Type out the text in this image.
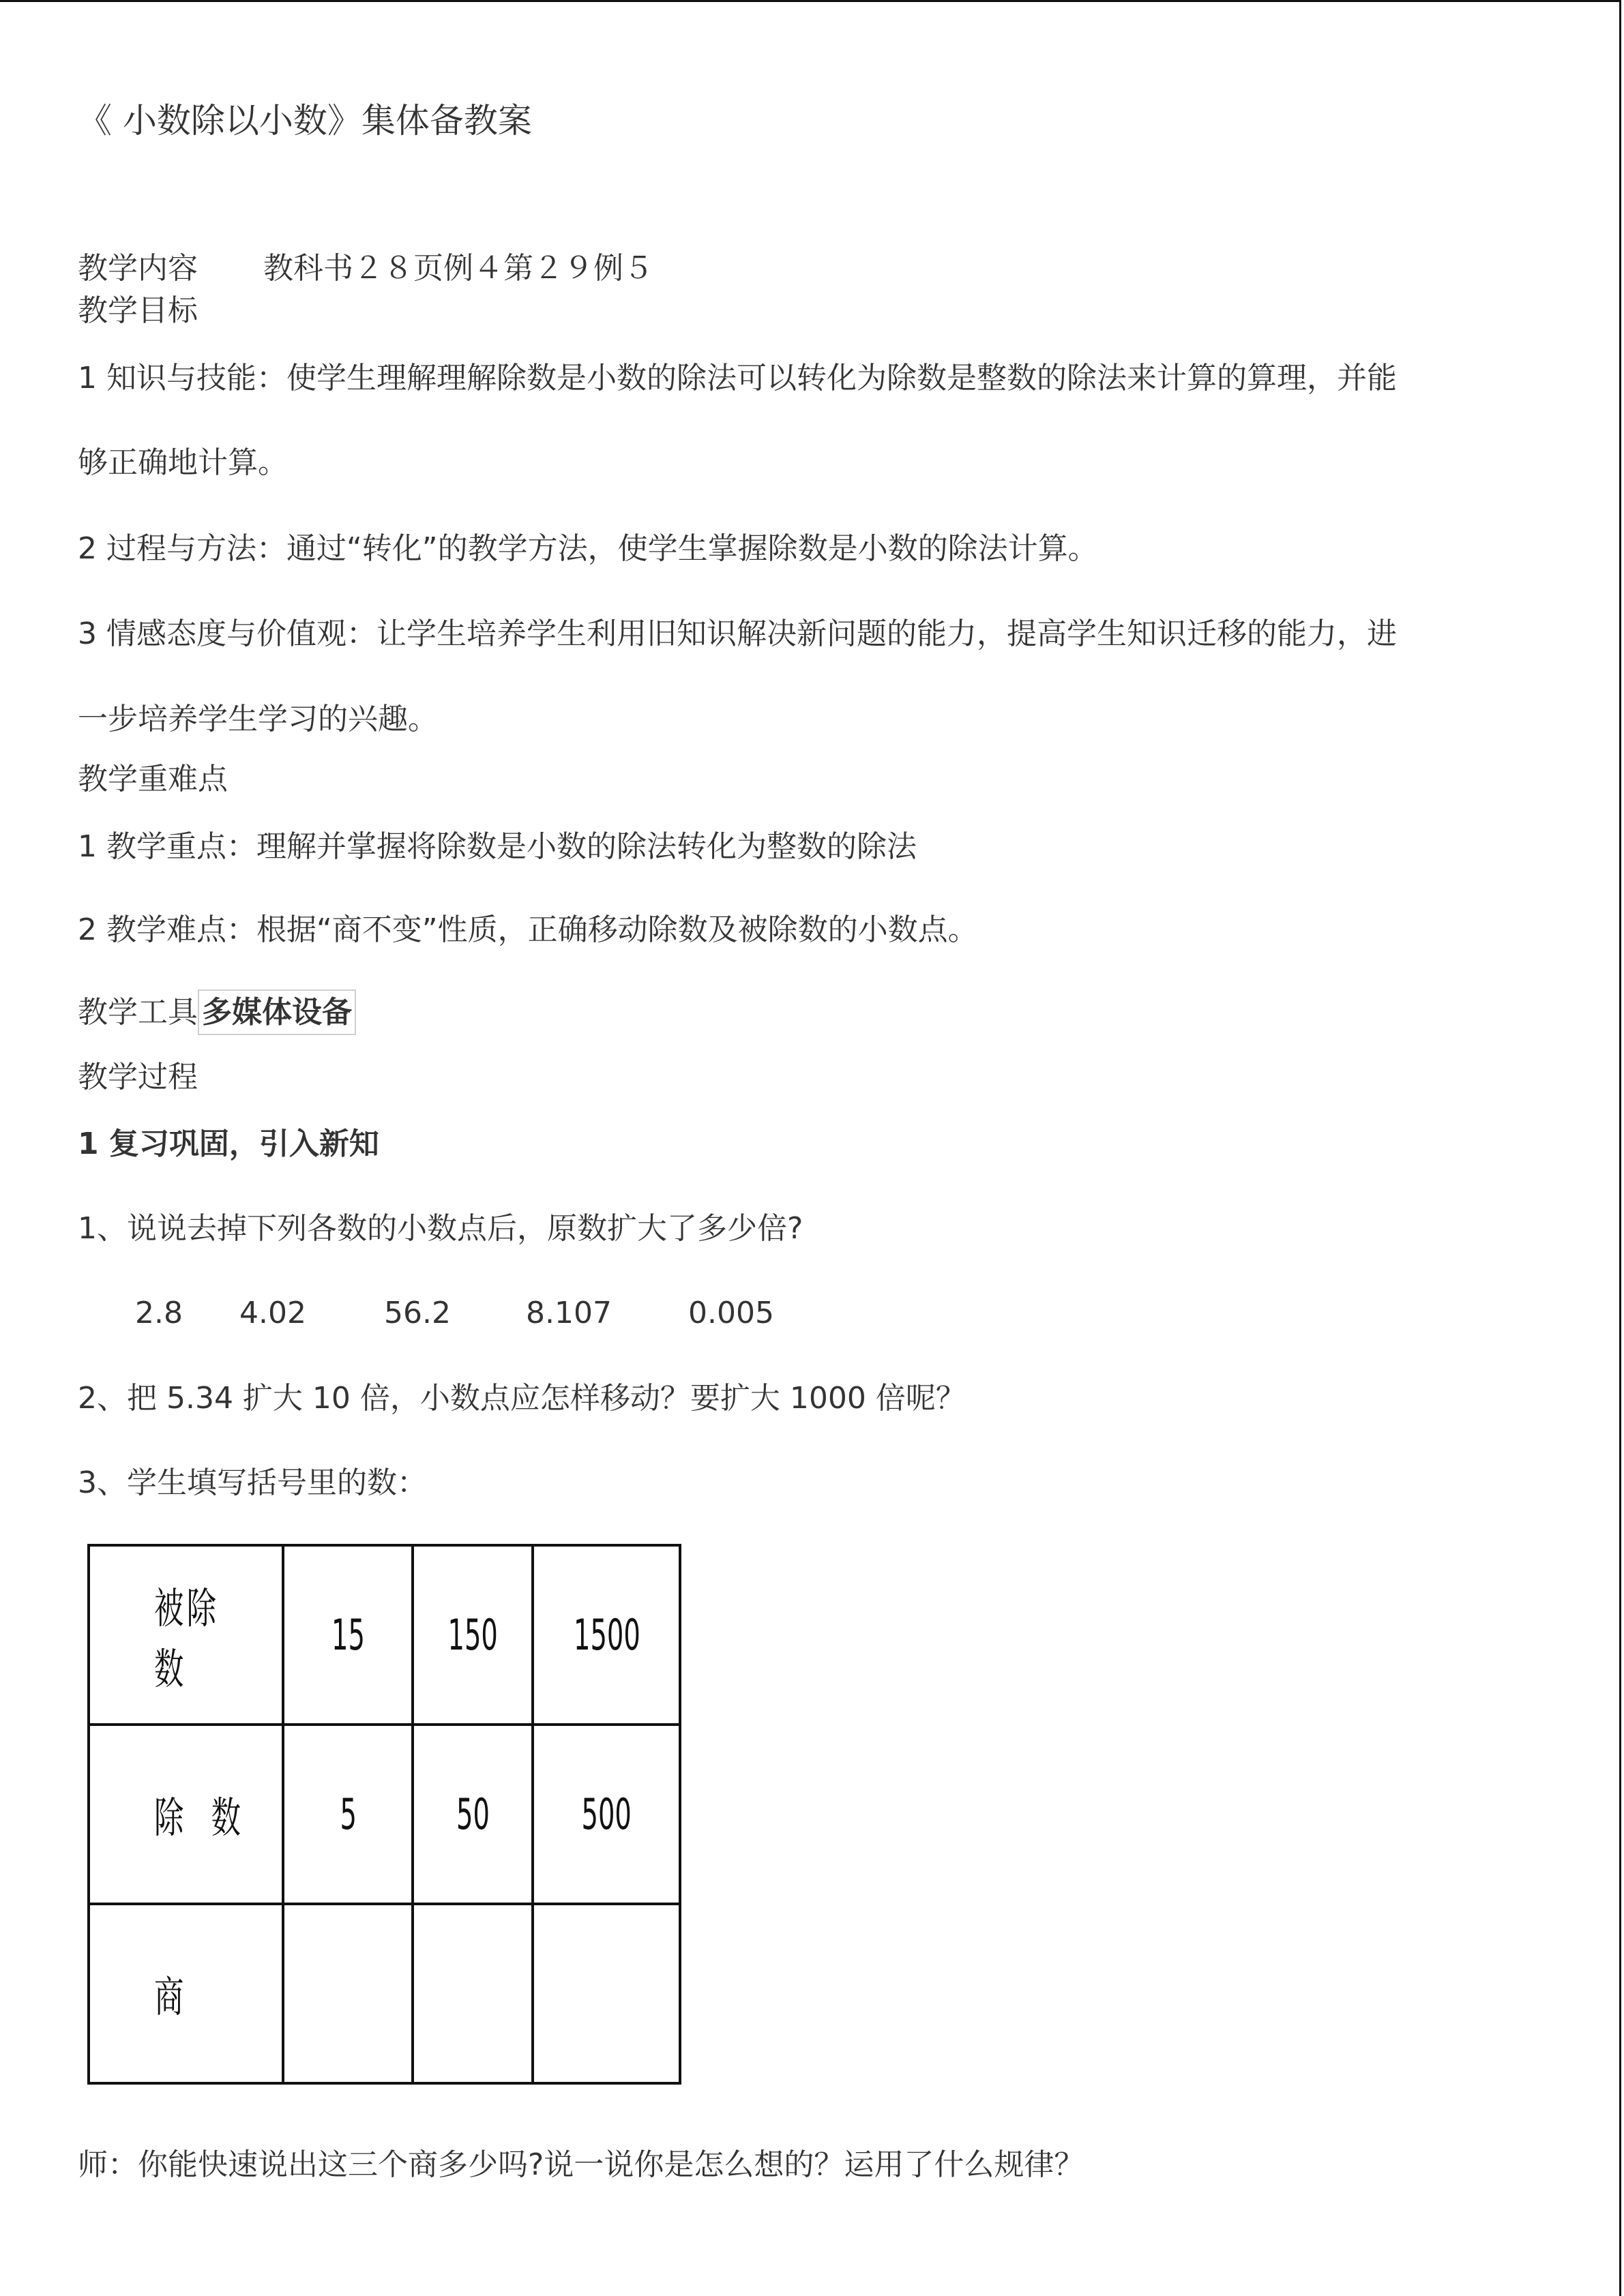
《 小数除以小数》集体备教案
教学内容 教科书２８页例４第２９例５
教学目标
1 知识与技能：使学生理解理解除数是小数的除法可以转化为除数是整数的除法来计算的算理，并能
够正确地计算。
2 过程与方法：通过“转化”的教学方法，使学生掌握除数是小数的除法计算。
3 情感态度与价值观：让学生培养学生利用旧知识解决新问题的能力，提高学生知识迁移的能力，进
一步培养学生学习的兴趣。
教学重难点
1 教学重点：理解并掌握将除数是小数的除法转化为整数的除法
2 教学难点：根据“商不变”性质，正确移动除数及被除数的小数点。
教学工具 多媒体设备
教学过程
1 复习巩固，引入新知
1、说说去掉下列各数的小数点后，原数扩大了多少倍?
2.8 4.02	56.2	8.107	0.005
2、把 5.34 扩大 10 倍，小数点应怎样移动？要扩大 1000 倍呢？
3、学生填写括号里的数：
被除数	15	150	1500
除  数	5	50	500
商			
师：你能快速说出这三个商多少吗?说一说你是怎么想的？运用了什么规律？
